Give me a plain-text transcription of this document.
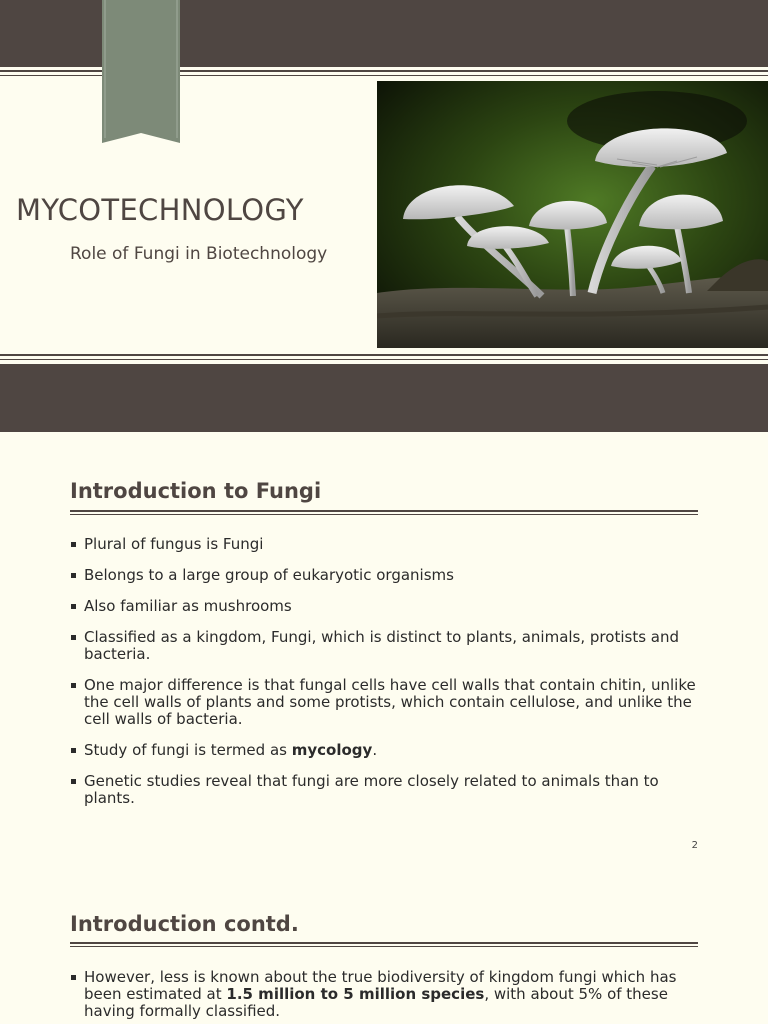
MYCOTECHNOLOGY
Role of Fungi in Biotechnology
Introduction to Fungi
Plural of fungus is Fungi
Belongs to a large group of eukaryotic organisms
Also familiar as mushrooms
Classified as a kingdom, Fungi, which is distinct to plants, animals, protists and bacteria.
One major difference is that fungal cells have cell walls that contain chitin, unlike the cell walls of plants and some protists, which contain cellulose, and unlike the cell walls of bacteria.
Study of fungi is termed as mycology.
Genetic studies reveal that fungi are more closely related to animals than to plants.
2
Introduction contd.
However, less is known about the true biodiversity of kingdom fungi which has been estimated at 1.5 million to 5 million species, with about 5% of these having formally classified.
